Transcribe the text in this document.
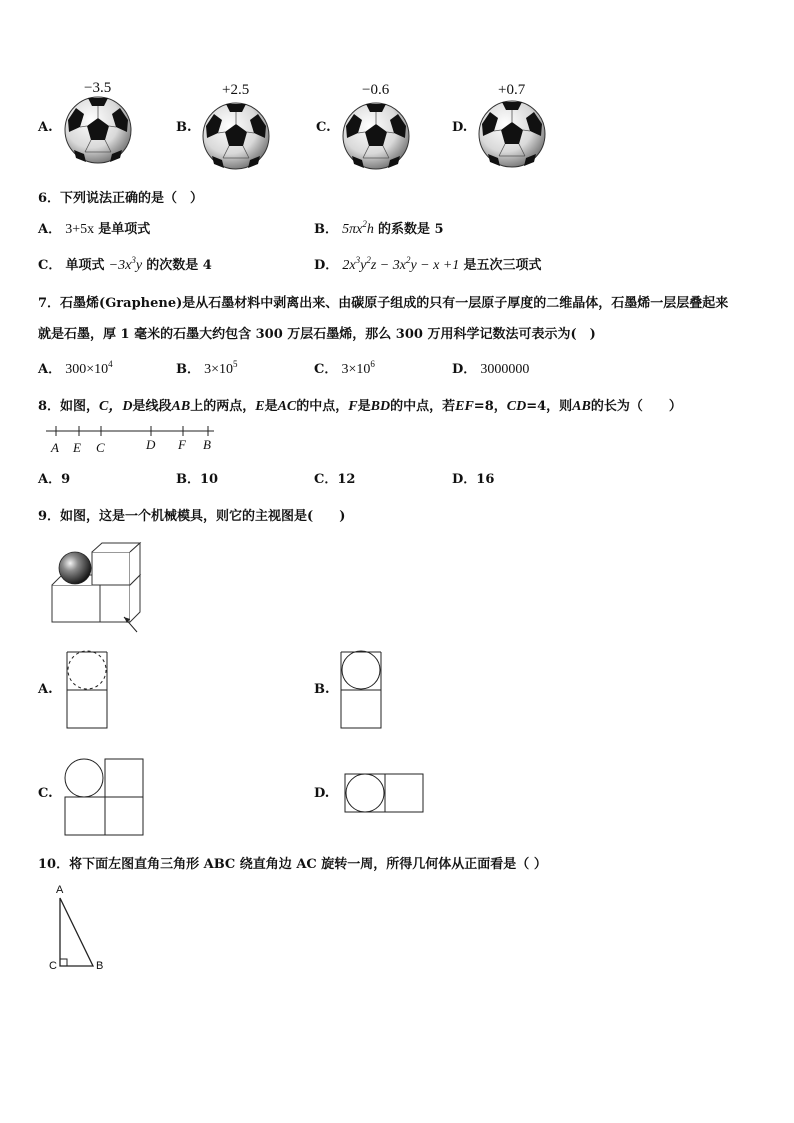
A.
−3.5
B.
+2.5
C.
−0.6
D.
+0.7
6．下列说法正确的是（　）
A． 3+5x 是单项式	B． $5\pi x^2h$ 的系数是 5
C． 单项式 $-3x^3y$ 的次数是 4	D． $2x^3y^2z - 3x^2y - x +1$ 是五次三项式
7．石墨烯(Graphene)是从石墨材料中剥离出来、由碳原子组成的只有一层原子厚度的二维晶体，石墨烯一层层叠起来
就是石墨，厚 1 毫米的石墨大约包含 300 万层石墨烯，那么 300 万用科学记数法可表示为(　)
A． $300\times 10^4$	B． $3\times 10^5$	C． $3\times 10^6$	D． 3000000
8．如图，C，D是线段AB上的两点，E是AC的中点，F是BD的中点，若EF=8，CD=4，则AB的长为（　　）
A E C	D F B
A．9	B．10	C．12	D．16
9．如图，这是一个机械模具，则它的主视图是(　　)
A.	B.
C.	D.
10．将下面左图直角三角形 ABC 绕直角边 AC 旋转一周，所得几何体从正面看是（ ）
A
C	B
